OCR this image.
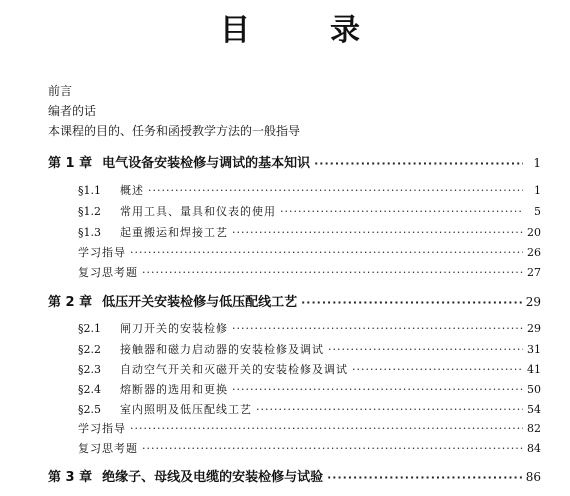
目	录
前言
编者的话
本课程的目的、任务和函授教学方法的一般指导
第 1 章 电气设备安装检修与调试的基本知识 ·····	1
§1.1	概述 ·····	1
§1.2	常用工具、量具和仪表的使用 ·····	5
§1.3	起重搬运和焊接工艺 ·····	20
学习指导 ·····	26
复习思考题 ·····	27
第 2 章 低压开关安装检修与低压配线工艺 ·····	29
§2.1	闸刀开关的安装检修 ·····	29
§2.2	接触器和磁力启动器的安装检修及调试 ·····	31
§2.3	自动空气开关和灭磁开关的安装检修及调试 ·····	41
§2.4	熔断器的选用和更换 ·····	50
§2.5	室内照明及低压配线工艺 ·····	54
学习指导 ·····	82
复习思考题 ·····	84
第 3 章 绝缘子、母线及电缆的安装检修与试验 ·····	86
